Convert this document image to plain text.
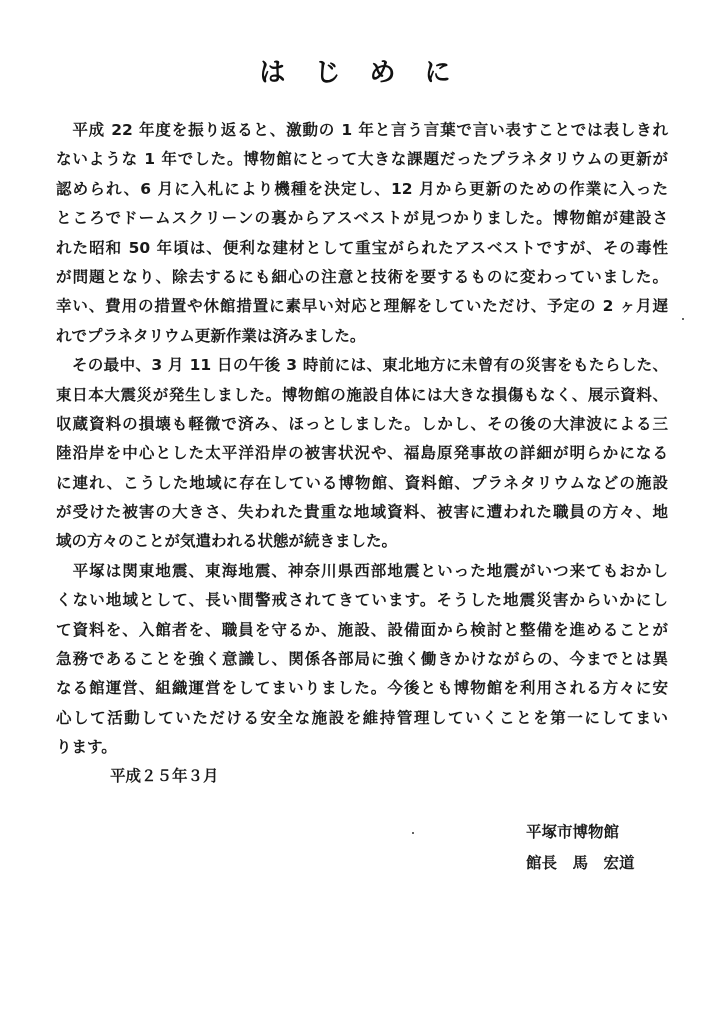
は じ め に
　平成 22 年度を振り返ると、激動の 1 年と言う言葉で言い表すことでは表しきれ
ないような 1 年でした。博物館にとって大きな課題だったプラネタリウムの更新が
認められ、6 月に入札により機種を決定し、12 月から更新のための作業に入った
ところでドームスクリーンの裏からアスベストが見つかりました。博物館が建設さ
れた昭和 50 年頃は、便利な建材として重宝がられたアスベストですが、その毒性
が問題となり、除去するにも細心の注意と技術を要するものに変わっていました。
幸い、費用の措置や休館措置に素早い対応と理解をしていただけ、予定の 2 ヶ月遅
れでプラネタリウム更新作業は済みました。
　その最中、3 月 11 日の午後 3 時前には、東北地方に未曾有の災害をもたらした、
東日本大震災が発生しました。博物館の施設自体には大きな損傷もなく、展示資料、
収蔵資料の損壊も軽微で済み、ほっとしました。しかし、その後の大津波による三
陸沿岸を中心とした太平洋沿岸の被害状況や、福島原発事故の詳細が明らかになる
に連れ、こうした地域に存在している博物館、資料館、プラネタリウムなどの施設
が受けた被害の大きさ、失われた貴重な地域資料、被害に遭われた職員の方々、地
域の方々のことが気遣われる状態が続きました。
　平塚は関東地震、東海地震、神奈川県西部地震といった地震がいつ来てもおかし
くない地域として、長い間警戒されてきています。そうした地震災害からいかにし
て資料を、入館者を、職員を守るか、施設、設備面から検討と整備を進めることが
急務であることを強く意識し、関係各部局に強く働きかけながらの、今までとは異
なる館運営、組織運営をしてまいりました。今後とも博物館を利用される方々に安
心して活動していただける安全な施設を維持管理していくことを第一にしてまい
ります。
平成２５年３月
平塚市博物館
館長　馬　宏道
